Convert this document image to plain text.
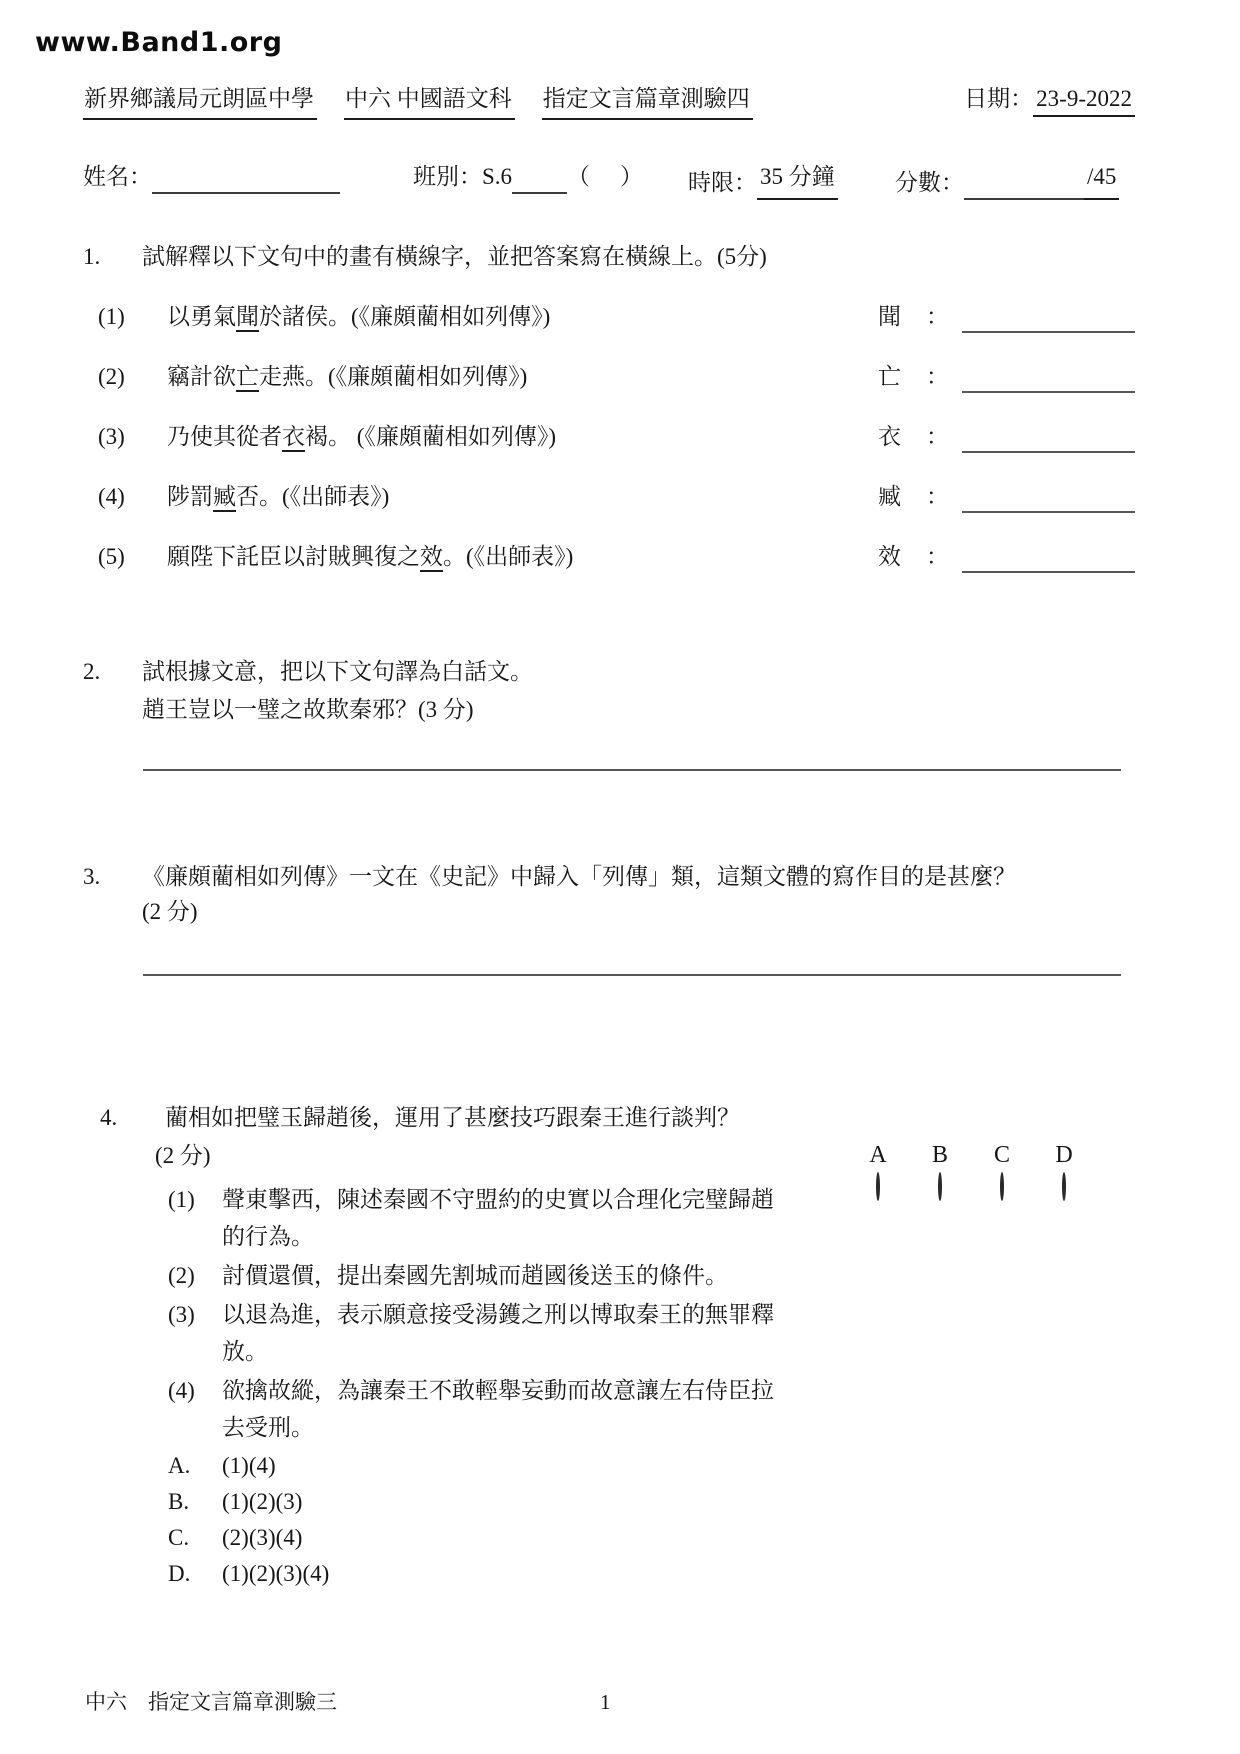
www.Band1.org
新界鄉議局元朗區中學 中六 中國語文科 指定文言篇章測驗四	日期： 23-9-2022
姓名：	班別： S.6 （ ） 時限： 35 分鐘	分數：	/45
1.	試解釋以下文句中的畫有橫線字，並把答案寫在橫線上。(5分)
(1)	以勇氣聞於諸侯。(《廉頗藺相如列傳》)	聞 ：
(2)	竊計欲亡走燕。(《廉頗藺相如列傳》)	亡 ：
(3)	乃使其從者衣褐。 (《廉頗藺相如列傳》)	衣 ：
(4)	陟罰臧否。(《出師表》)	臧 ：
(5)	願陛下託臣以討賊興復之效。(《出師表》)	效 ：
2.	試根據文意，把以下文句譯為白話文。
趙王豈以一璧之故欺秦邪？(3 分)
3.	《廉頗藺相如列傳》一文在《史記》中歸入「列傳」類，這類文體的寫作目的是甚麼？
(2 分)
4.	藺相如把璧玉歸趙後，運用了甚麼技巧跟秦王進行談判？
(2 分)	A	B	C	D
(1)	聲東擊西，陳述秦國不守盟約的史實以合理化完璧歸趙
的行為。
(2)	討價還價，提出秦國先割城而趙國後送玉的條件。
(3)	以退為進，表示願意接受湯鑊之刑以博取秦王的無罪釋
放。
(4)	欲擒故縱，為讓秦王不敢輕舉妄動而故意讓左右侍臣拉
去受刑。
A.	(1)(4)
B.	(1)(2)(3)
C.	(2)(3)(4)
D.	(1)(2)(3)(4)
中六　指定文言篇章測驗三	1
